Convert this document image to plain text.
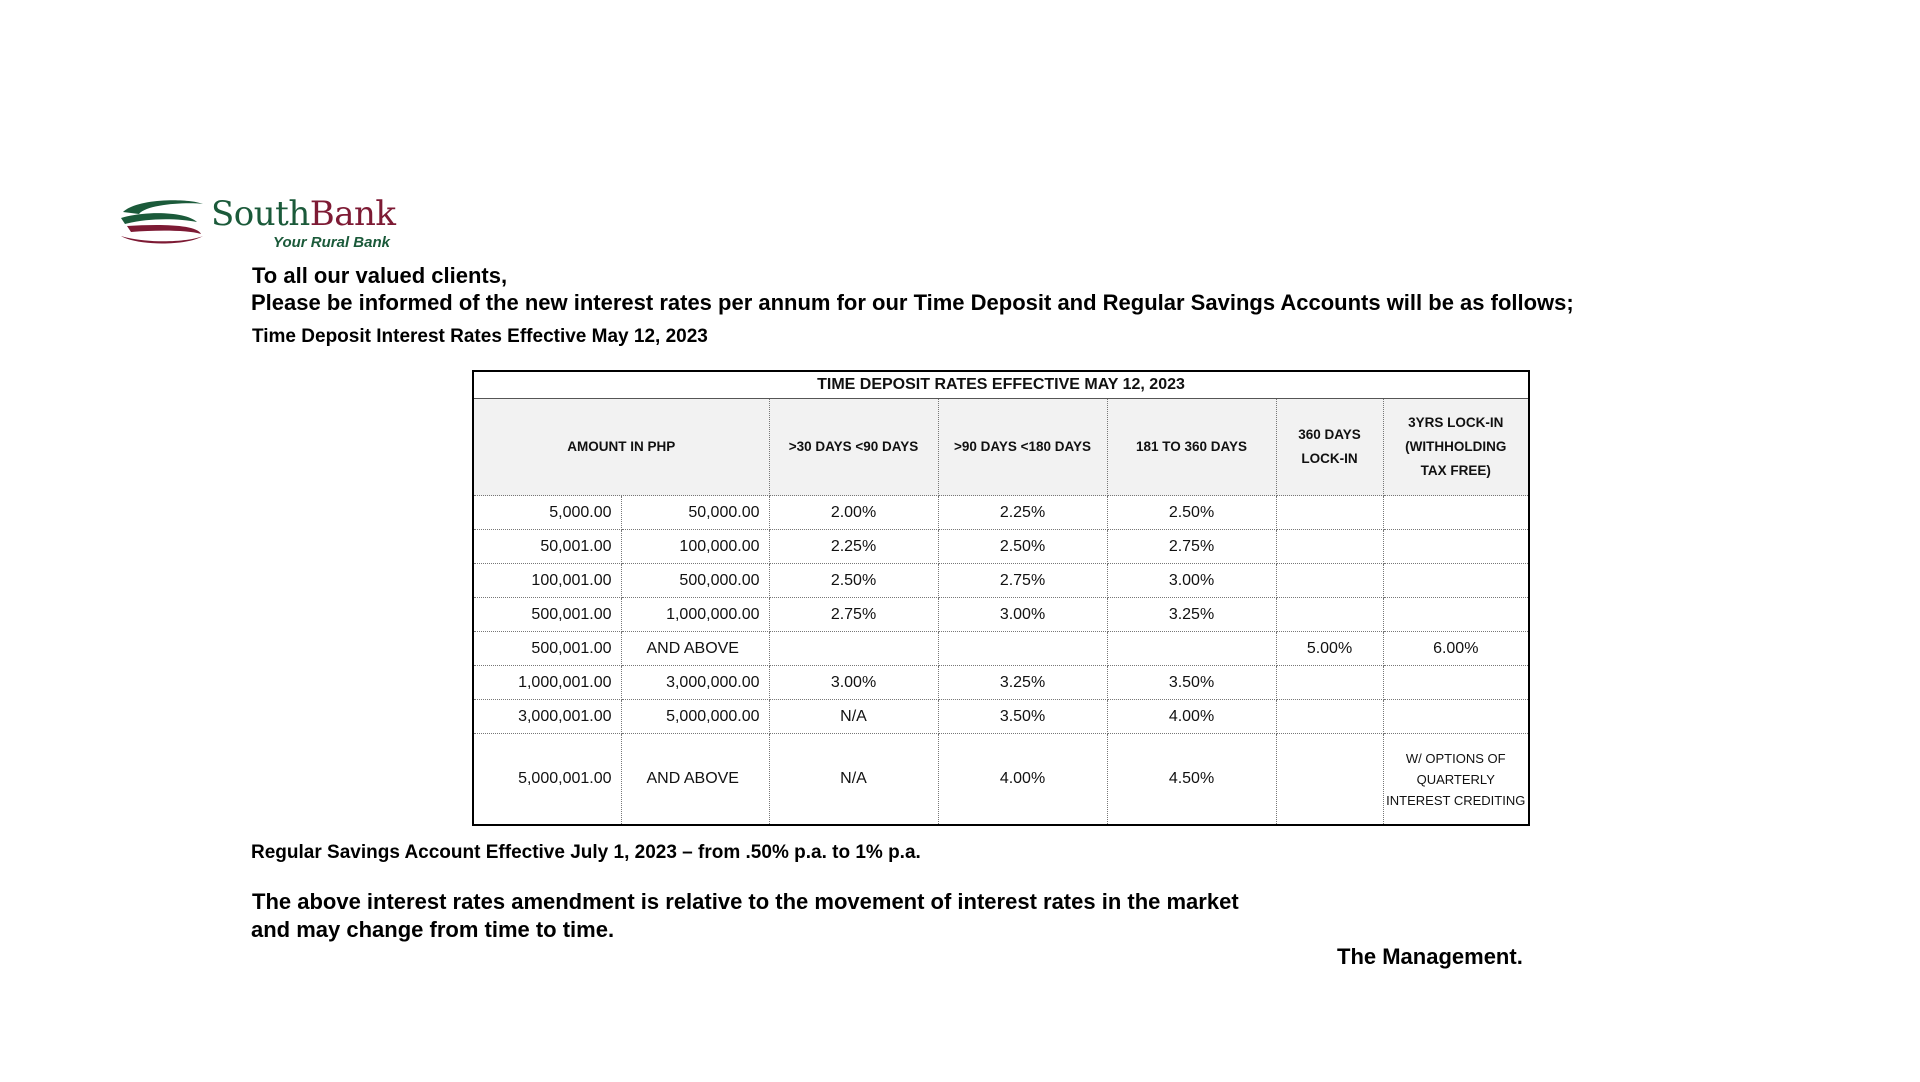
SouthBank
Your Rural Bank
To all our valued clients,
Please be informed of the new interest rates per annum for our Time Deposit and Regular Savings Accounts will be as follows;
Time Deposit Interest Rates Effective May 12, 2023
TIME DEPOSIT RATES EFFECTIVE MAY 12, 2023						
AMOUNT IN PHP		>30 DAYS <90 DAYS	>90 DAYS <180 DAYS	181 TO 360 DAYS	360 DAYS LOCK-IN	3YRS LOCK-IN (WITHHOLDING TAX FREE)
5,000.00	50,000.00	2.00%	2.25%	2.50%		
50,001.00	100,000.00	2.25%	2.50%	2.75%		
100,001.00	500,000.00	2.50%	2.75%	3.00%		
500,001.00	1,000,000.00	2.75%	3.00%	3.25%		
500,001.00	AND ABOVE				5.00%	6.00%
1,000,001.00	3,000,000.00	3.00%	3.25%	3.50%		
3,000,001.00	5,000,000.00	N/A	3.50%	4.00%		
5,000,001.00	AND ABOVE	N/A	4.00%	4.50%		W/ OPTIONS OF QUARTERLY INTEREST CREDITING
Regular Savings Account Effective July 1, 2023 – from .50% p.a. to 1% p.a.
The above interest rates amendment is relative to the movement of interest rates in the market
and may change from time to time.
The Management.
